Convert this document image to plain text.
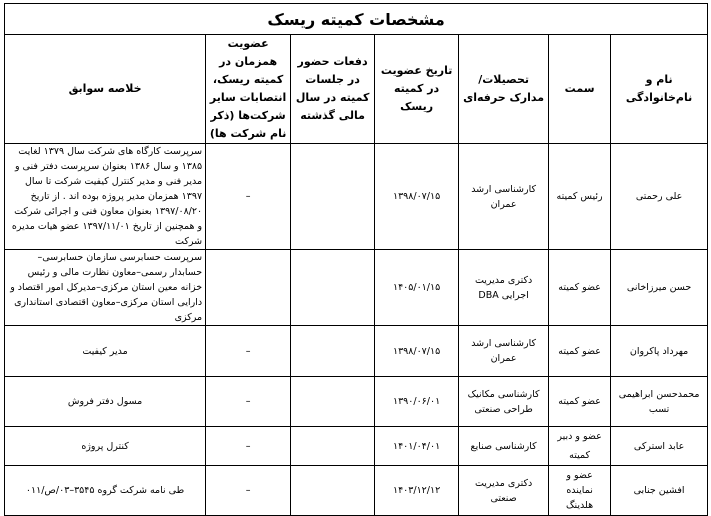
مشخصات کمیته ریسک						
نام و نام‌خانوادگی	سمت	تحصیلات/مدارک حرفه‌ای	تاریخ عضویت در کمیته ریسک	دفعات حضور در جلسات کمیته در سال مالی گذشته	عضویت همزمان در کمیته ریسک، انتصابات سایر شرکت‌ها (ذکر نام شرکت ها)	خلاصه سوابق
علی رحمتی	رئیس کمیته	کارشناسی ارشد عمران	۱۳۹۸/۰۷/۱۵		–	سرپرست کارگاه های شرکت سال ۱۳۷۹ لغایت ۱۳۸۵ و سال ۱۳۸۶ بعنوان سرپرست دفتر فنی و مدیر فنی و مدیر کنترل کیفیت شرکت تا سال ۱۳۹۷ همزمان مدیر پروژه بوده اند . از تاریخ ۱۳۹۷/۰۸/۲۰ بعنوان معاون فنی و اجرائی شرکت و همچنین از تاریخ ۱۳۹۷/۱۱/۰۱ عضو هیات مدیره شرکت
حسن میرزاخانی	عضو کمیته	دکتری مدیریت اجرایی DBA	۱۴۰۵/۰۱/۱۵			سرپرست حسابرسی سازمان حسابرسی–حسابدار رسمی–معاون نظارت مالی و رئیس خزانه معین استان مرکزی–مدیرکل امور اقتصاد و دارایی استان مرکزی–معاون اقتصادی استانداری مرکزی
مهرداد پاکروان	عضو کمیته	کارشناسی ارشد عمران	۱۳۹۸/۰۷/۱۵		–	مدیر کیفیت
محمدحسن ابراهیمی تسب	عضو کمیته	کارشناسی مکانیک طراحی صنعتی	۱۳۹۰/۰۶/۰۱		–	مسول دفتر فروش
عابد استرکی	عضو و دبیر کمیته	کارشناسی صنایع	۱۴۰۱/۰۴/۰۱		–	کنترل پروژه
افشین جنابی	عضو و نماینده هلدینگ	دکتری مدیریت صنعتی	۱۴۰۳/۱۲/۱۲		–	طی نامه شرکت گروه ۳۵۴۵–۰۳/ص/۰۱۱
